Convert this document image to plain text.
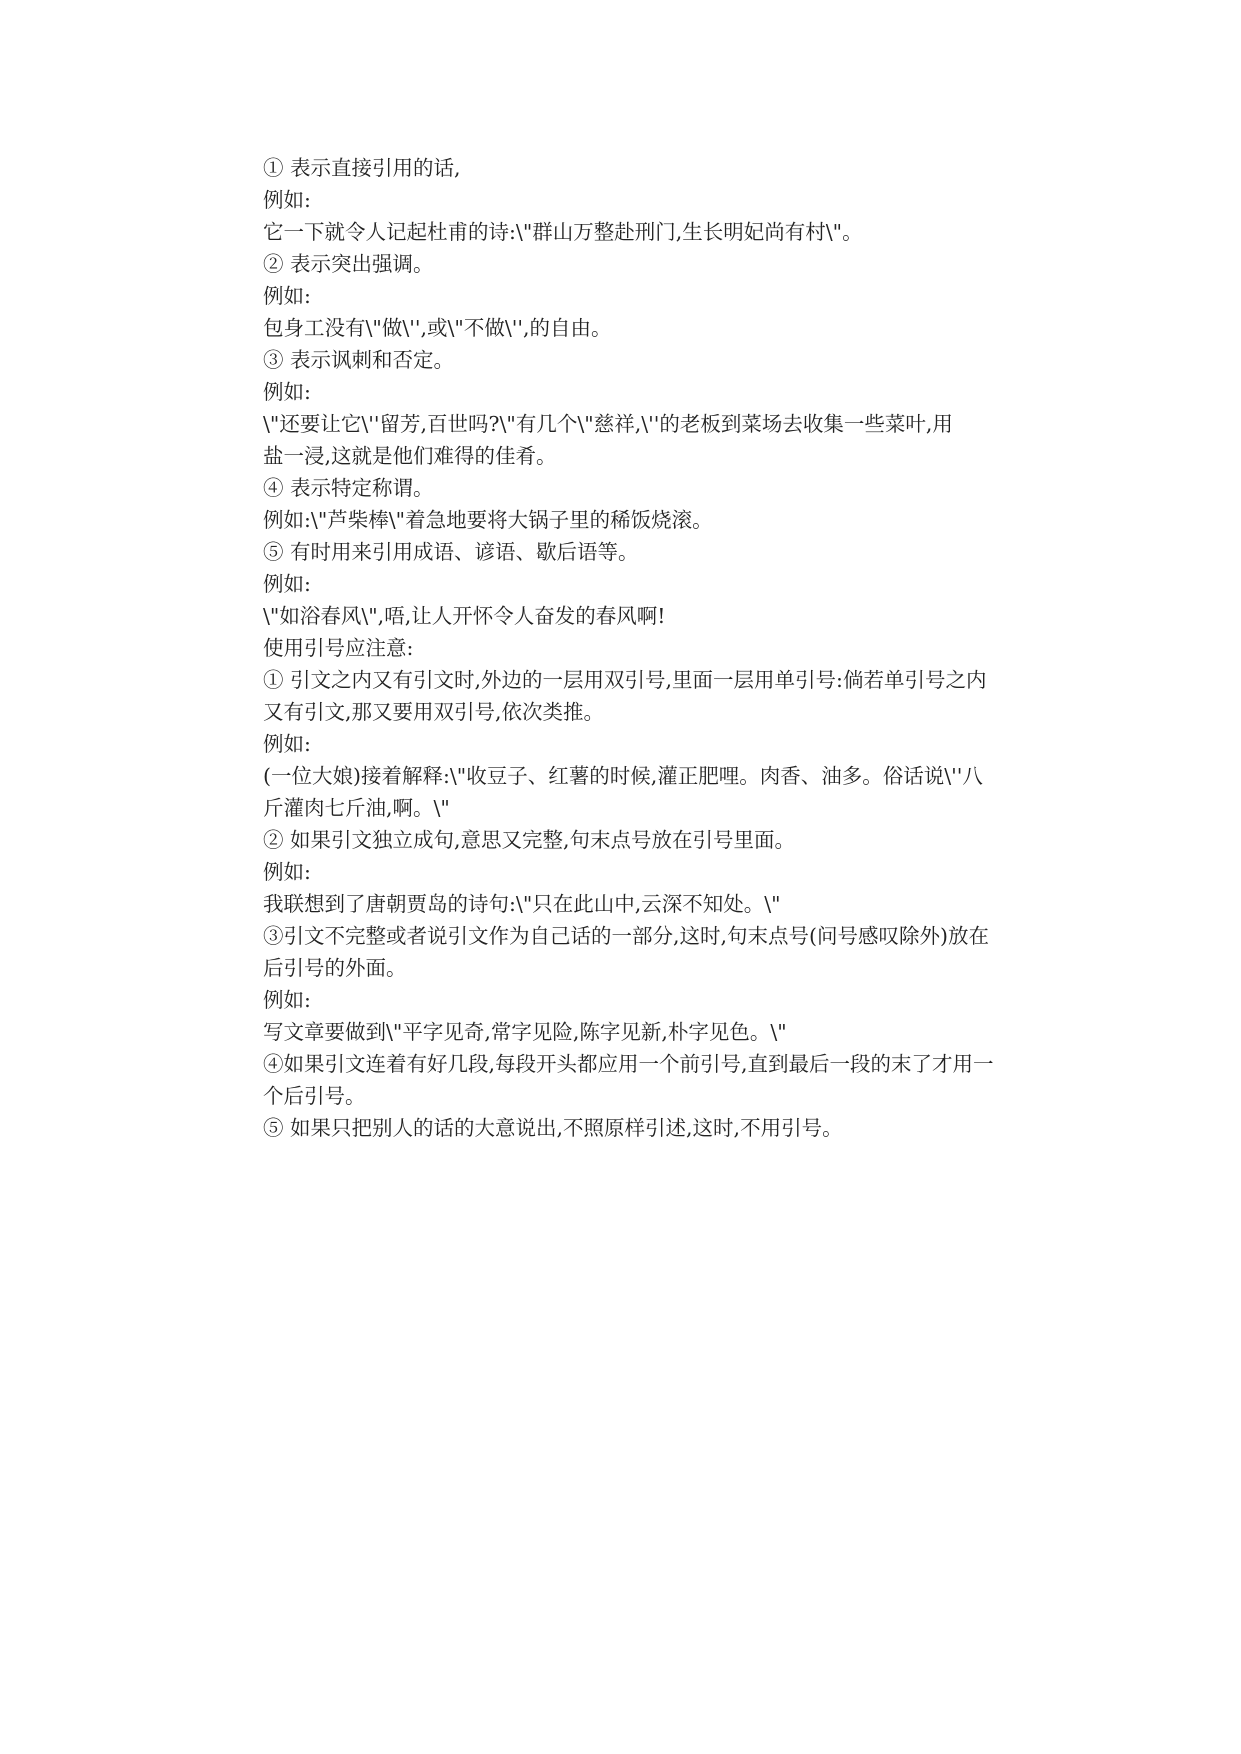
① 表示直接引用的话,
例如:
它一下就令人记起杜甫的诗:\"群山万整赴刑门,生长明妃尚有村\"。
② 表示突出强调。
例如:
包身工没有\"做\'',或\"不做\'',的自由。
③ 表示讽刺和否定。
例如:
\"还要让它\''留芳,百世吗?\"有几个\"慈祥,\''的老板到菜场去收集一些菜叶,用
盐一浸,这就是他们难得的佳肴。
④ 表示特定称谓。
例如:\"芦柴棒\"着急地要将大锅子里的稀饭烧滚。
⑤ 有时用来引用成语、谚语、歇后语等。
例如:
\"如浴春风\",唔,让人开怀令人奋发的春风啊!
使用引号应注意:
① 引文之内又有引文时,外边的一层用双引号,里面一层用单引号:倘若单引号之内
又有引文,那又要用双引号,依次类推。
例如:
(一位大娘)接着解释:\"收豆子、红薯的时候,灌正肥哩。肉香、油多。俗话说\''八
斤灌肉七斤油,啊。\"
② 如果引文独立成句,意思又完整,句末点号放在引号里面。
例如:
我联想到了唐朝贾岛的诗句:\"只在此山中,云深不知处。\"
③引文不完整或者说引文作为自己话的一部分,这时,句末点号(问号感叹除外)放在
后引号的外面。
例如:
写文章要做到\"平字见奇,常字见险,陈字见新,朴字见色。\"
④如果引文连着有好几段,每段开头都应用一个前引号,直到最后一段的末了才用一
个后引号。
⑤ 如果只把别人的话的大意说出,不照原样引述,这时,不用引号。
